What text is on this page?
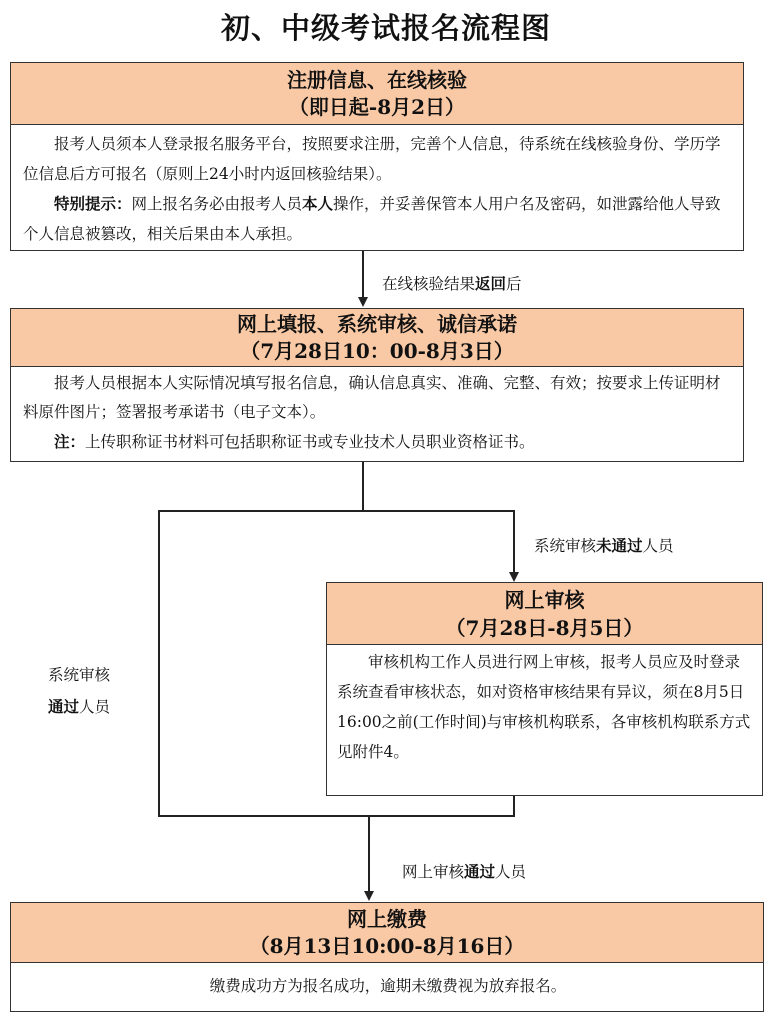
初、中级考试报名流程图
注册信息、在线核验
（即日起-8月2日）

报考人员须本人登录报名服务平台，按照要求注册，完善个人信息，待系统在线核验身份、学历学位信息后方可报名（原则上24小时内返回核验结果）。

特别提示：网上报名务必由报考人员本人操作，并妥善保管本人用户名及密码，如泄露给他人导致个人信息被篡改，相关后果由本人承担。

在线核验结果返回后
网上填报、系统审核、诚信承诺
（7月28日10：00-8月3日）

报考人员根据本人实际情况填写报名信息，确认信息真实、准确、完整、有效；按要求上传证明材料原件图片；签署报考承诺书（电子文本）。

注：上传职称证书材料可包括职称证书或专业技术人员职业资格证书。

系统审核未通过人员
系统审核
通过人员
网上审核
（7月28日-8月5日）

审核机构工作人员进行网上审核，报考人员应及时登录系统查看审核状态，如对资格审核结果有异议，须在8月5日16:00之前(工作时间)与审核机构联系，各审核机构联系方式见附件4。

网上审核通过人员
网上缴费
（8月13日10:00-8月16日）

缴费成功方为报名成功，逾期未缴费视为放弃报名。
